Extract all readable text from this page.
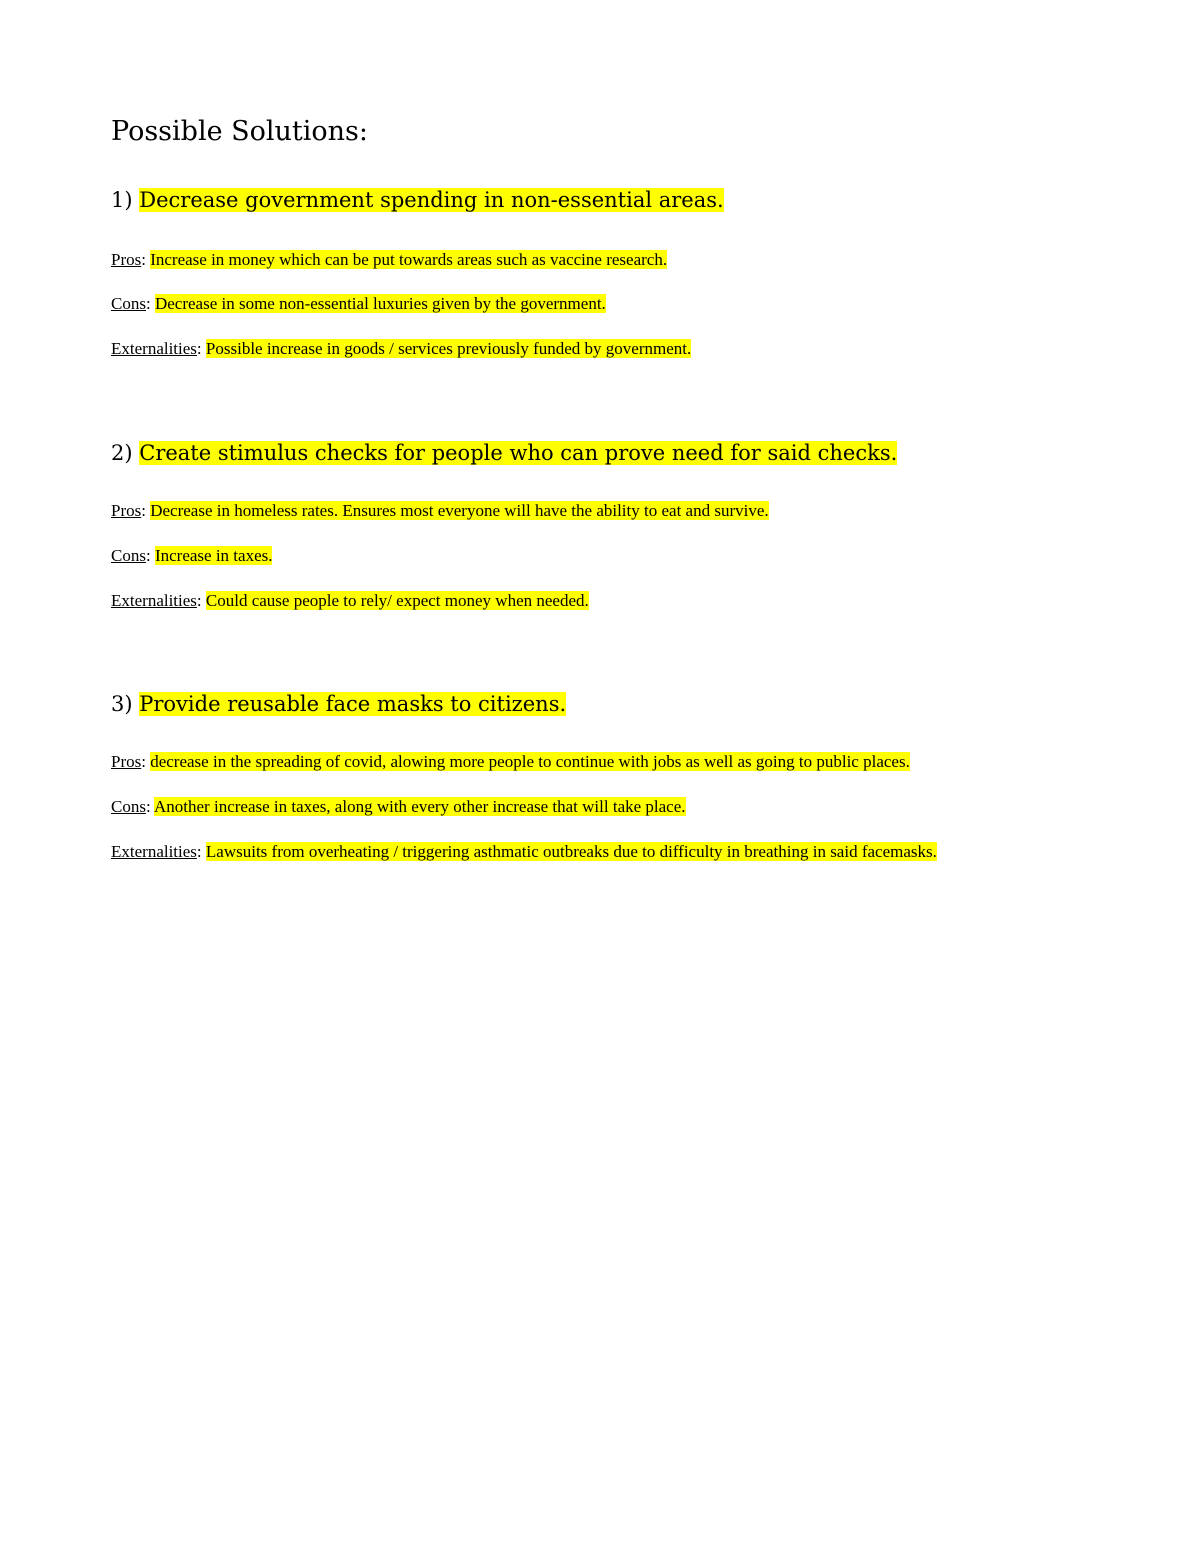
Possible Solutions:
1) Decrease government spending in non-essential areas.
Pros: Increase in money which can be put towards areas such as vaccine research.
Cons: Decrease in some non-essential luxuries given by the government.
Externalities: Possible increase in goods / services previously funded by government.
2) Create stimulus checks for people who can prove need for said checks.
Pros: Decrease in homeless rates. Ensures most everyone will have the ability to eat and survive.
Cons: Increase in taxes.
Externalities: Could cause people to rely/ expect money when needed.
3) Provide reusable face masks to citizens.
Pros: decrease in the spreading of covid, alowing more people to continue with jobs as well as going to public places.
Cons: Another increase in taxes, along with every other increase that will take place.
Externalities: Lawsuits from overheating / triggering asthmatic outbreaks due to difficulty in breathing in said facemasks.
